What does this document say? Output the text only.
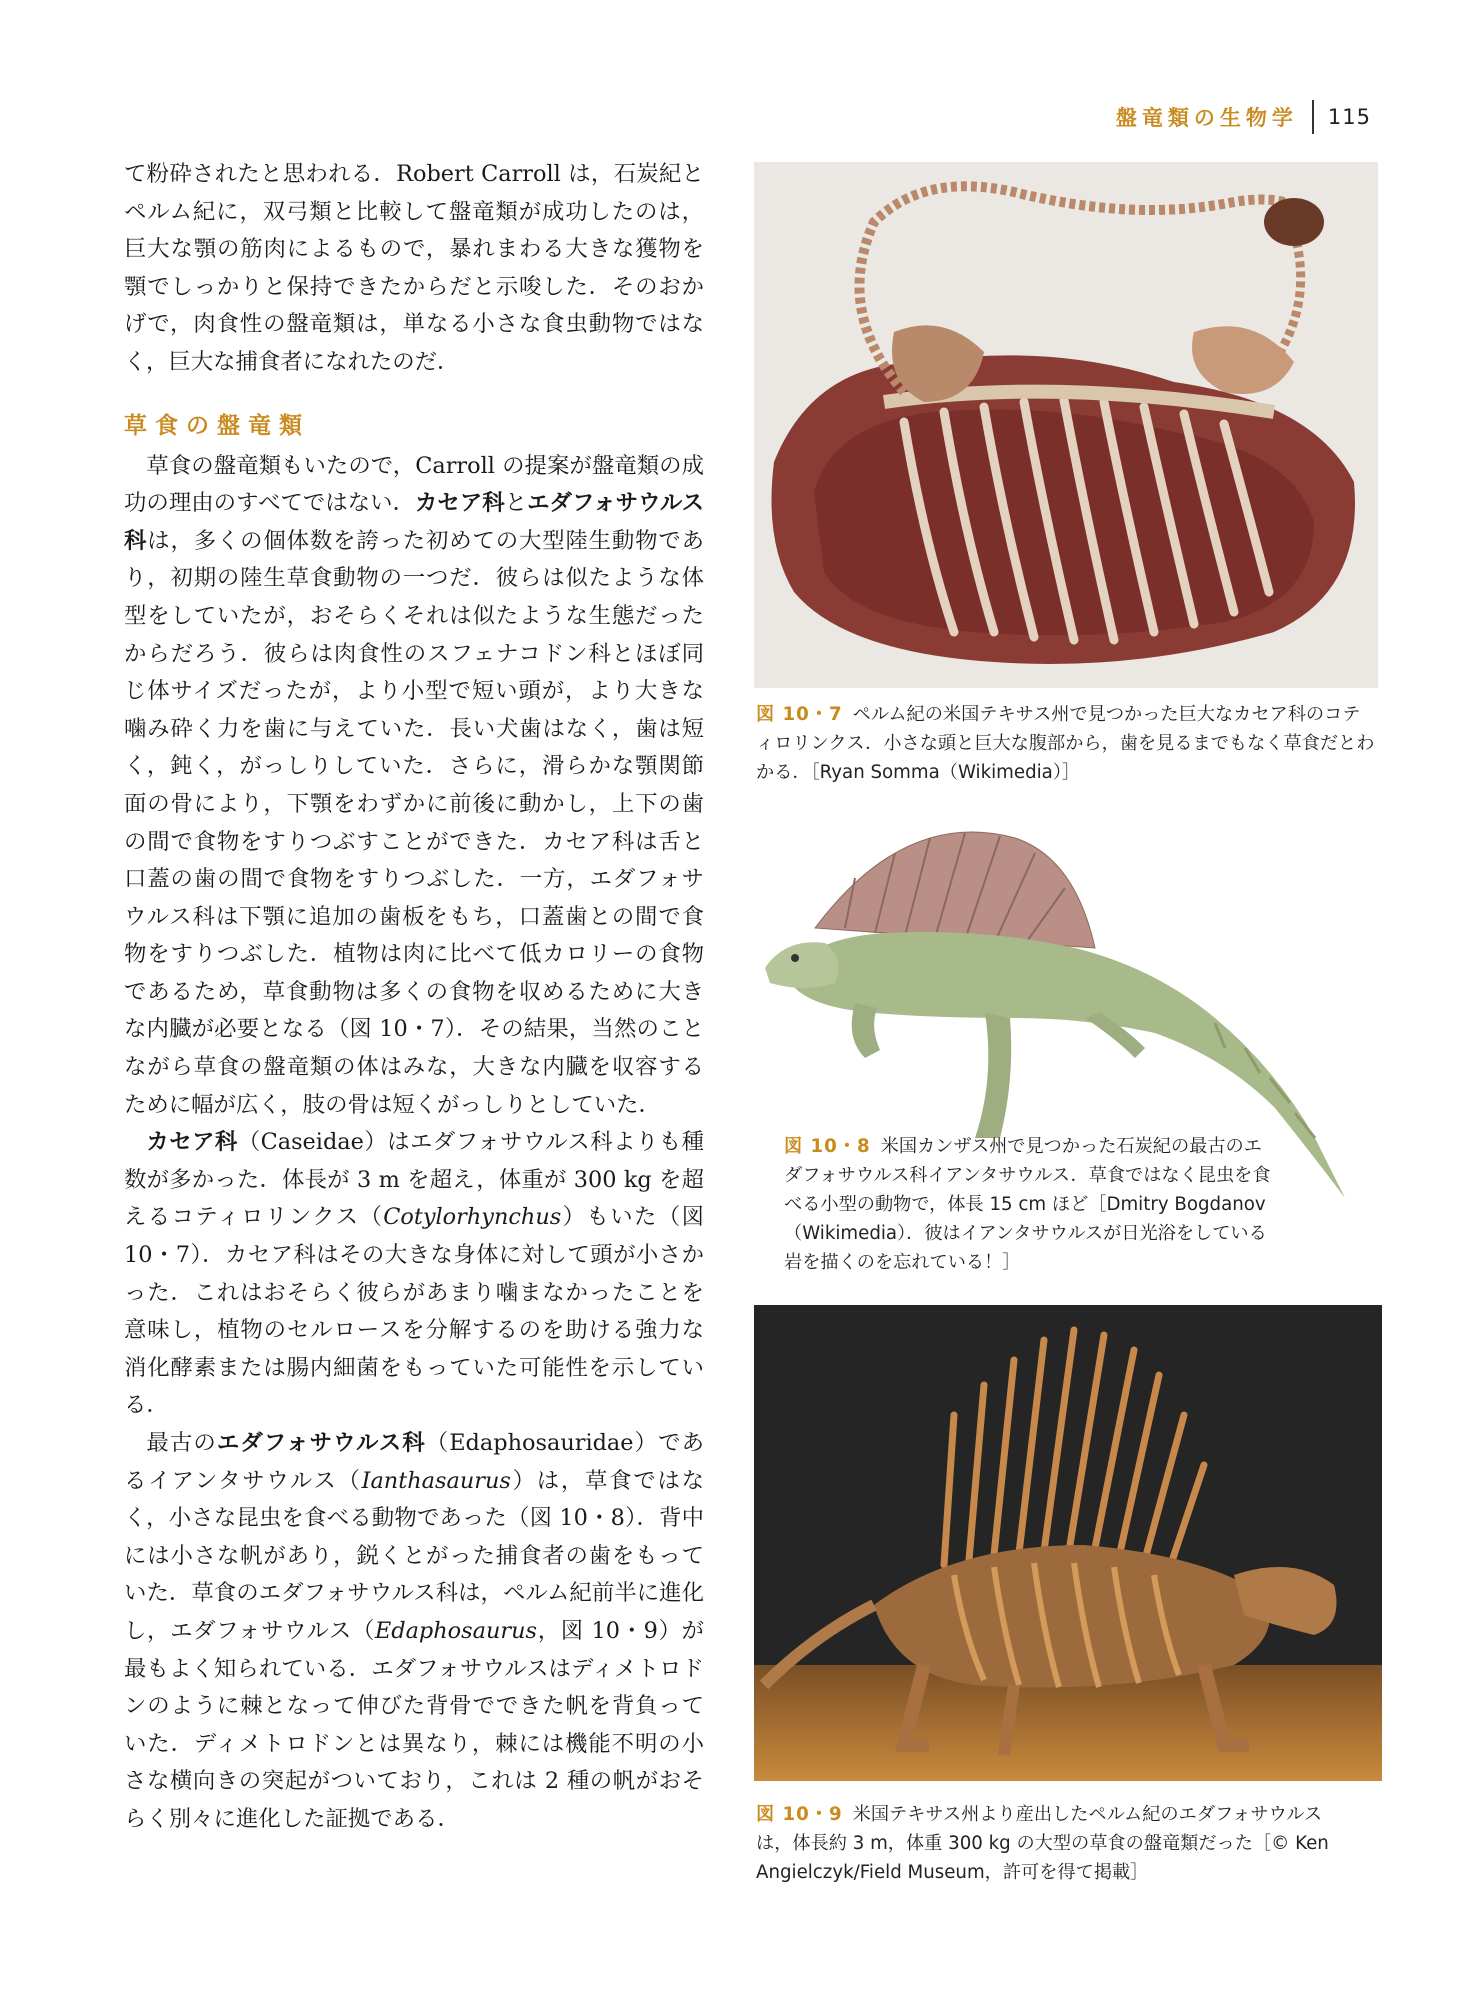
盤竜類の生物学 115

て粉砕されたと思われる．Robert Carroll は，石炭紀とペルム紀に，双弓類と比較して盤竜類が成功したのは，巨大な顎の筋肉によるもので，暴れまわる大きな獲物を顎でしっかりと保持できたからだと示唆した．そのおかげで，肉食性の盤竜類は，単なる小さな食虫動物ではなく，巨大な捕食者になれたのだ．

草食の盤竜類

草食の盤竜類もいたので，Carroll の提案が盤竜類の成功の理由のすべてではない．カセア科とエダフォサウルス科は，多くの個体数を誇った初めての大型陸生動物であり，初期の陸生草食動物の一つだ．彼らは似たような体型をしていたが，おそらくそれは似たような生態だったからだろう．彼らは肉食性のスフェナコドン科とほぼ同じ体サイズだったが，より小型で短い頭が，より大きな噛み砕く力を歯に与えていた．長い犬歯はなく，歯は短く，鈍く，がっしりしていた．さらに，滑らかな顎関節面の骨により，下顎をわずかに前後に動かし，上下の歯の間で食物をすりつぶすことができた．カセア科は舌と口蓋の歯の間で食物をすりつぶした．一方，エダフォサウルス科は下顎に追加の歯板をもち，口蓋歯との間で食物をすりつぶした．植物は肉に比べて低カロリーの食物であるため，草食動物は多くの食物を収めるために大きな内臓が必要となる（図 10・7）．その結果，当然のことながら草食の盤竜類の体はみな，大きな内臓を収容するために幅が広く，肢の骨は短くがっしりとしていた．

カセア科（Caseidae）はエダフォサウルス科よりも種数が多かった．体長が 3 m を超え，体重が 300 kg を超えるコティロリンクス（Cotylorhynchus）もいた（図 10・7）．カセア科はその大きな身体に対して頭が小さかった．これはおそらく彼らがあまり噛まなかったことを意味し，植物のセルロースを分解するのを助ける強力な消化酵素または腸内細菌をもっていた可能性を示している．

最古のエダフォサウルス科（Edaphosauridae）であるイアンタサウルス（Ianthasaurus）は，草食ではなく，小さな昆虫を食べる動物であった（図 10・8）．背中には小さな帆があり，鋭くとがった捕食者の歯をもっていた．草食のエダフォサウルス科は，ペルム紀前半に進化し，エダフォサウルス（Edaphosaurus，図 10・9）が最もよく知られている．エダフォサウルスはディメトロドンのように棘となって伸びた背骨でできた帆を背負っていた．ディメトロドンとは異なり，棘には機能不明の小さな横向きの突起がついており，これは 2 種の帆がおそらく別々に進化した証拠である．

図 10・7 ペルム紀の米国テキサス州で見つかった巨大なカセア科のコティロリンクス．小さな頭と巨大な腹部から，歯を見るまでもなく草食だとわかる．［Ryan Somma（Wikimedia）］
図 10・8 米国カンザス州で見つかった石炭紀の最古のエダフォサウルス科イアンタサウルス．草食ではなく昆虫を食べる小型の動物で，体長 15 cm ほど［Dmitry Bogdanov（Wikimedia）．彼はイアンタサウルスが日光浴をしている岩を描くのを忘れている！］
図 10・9 米国テキサス州より産出したペルム紀のエダフォサウルスは，体長約 3 m，体重 300 kg の大型の草食の盤竜類だった［© Ken Angielczyk/Field Museum，許可を得て掲載］
